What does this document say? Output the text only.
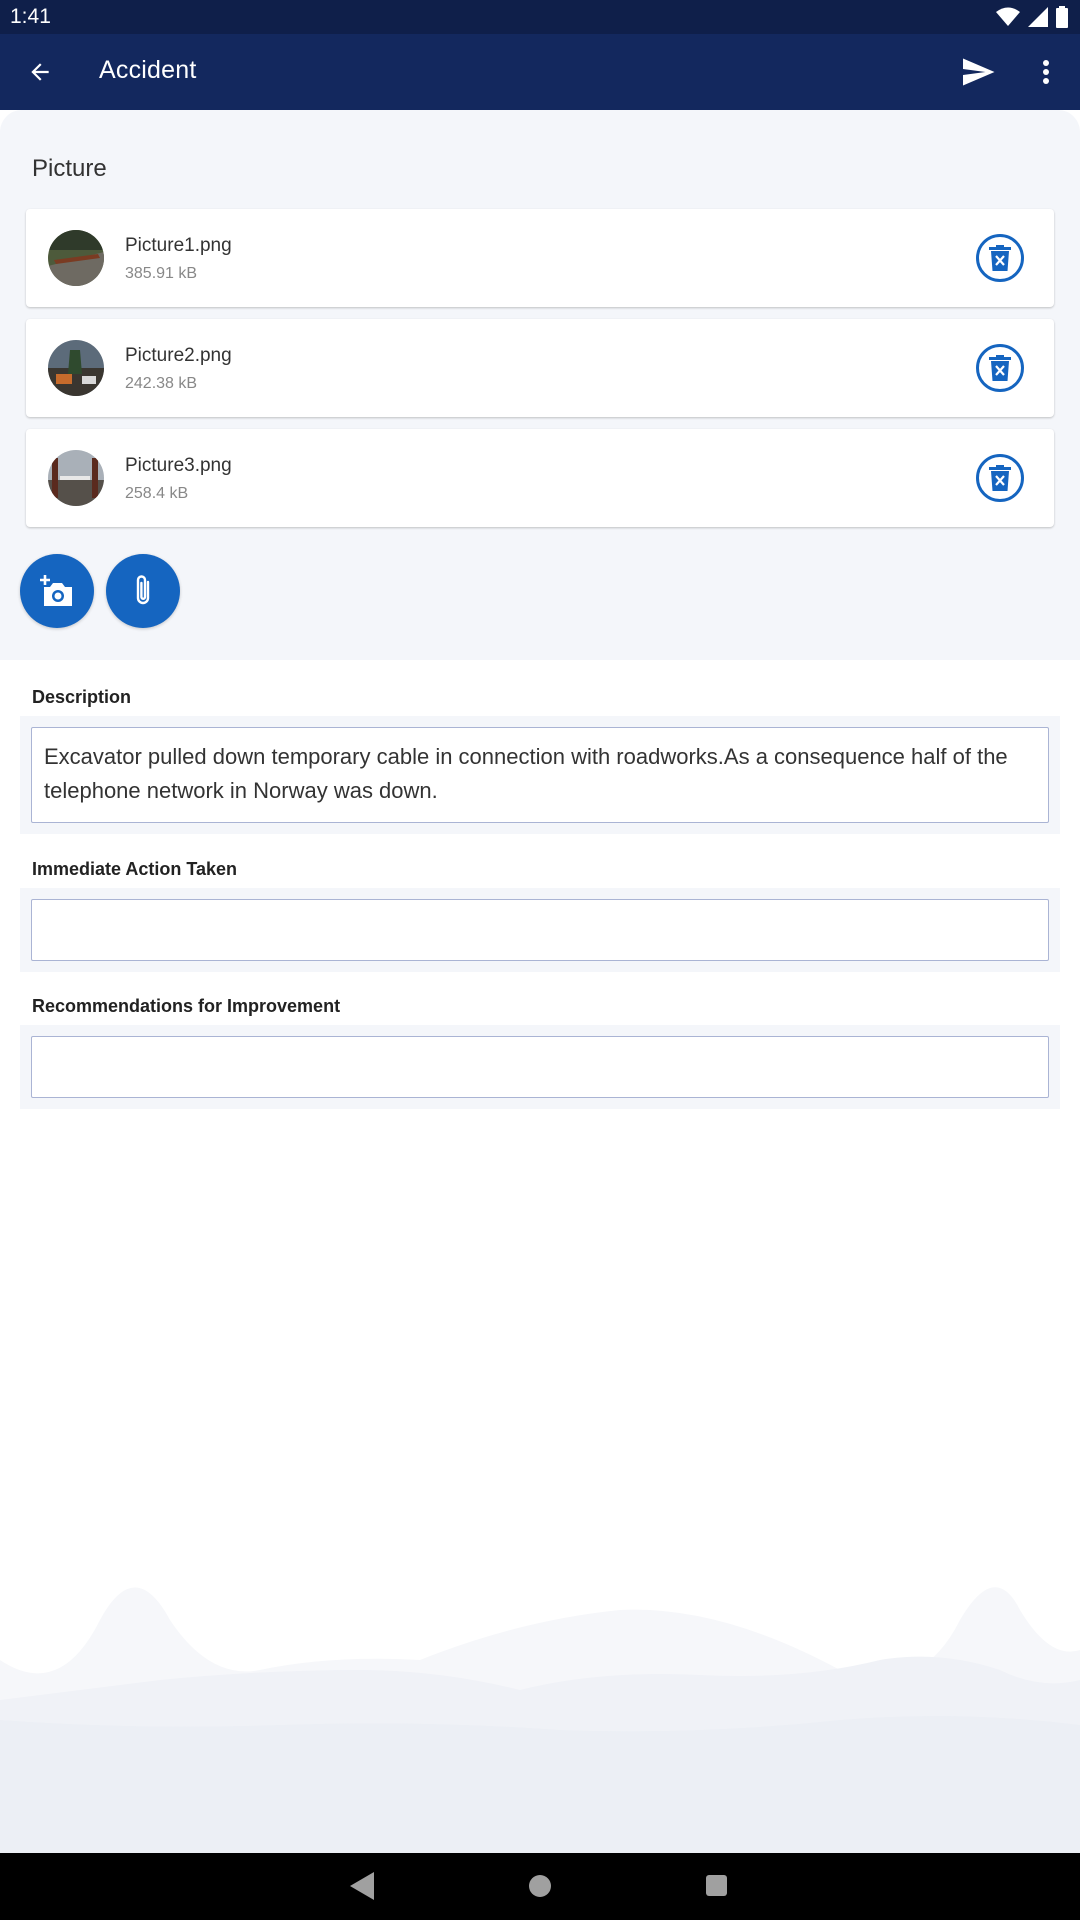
1:41
Accident
Picture
Picture1.png
385.91 kB
Picture2.png
242.38 kB
Picture3.png
258.4 kB
Description
Excavator pulled down temporary cable in connection with roadworks.As a consequence half of the telephone network in Norway was down.
Immediate Action Taken
Recommendations for Improvement
